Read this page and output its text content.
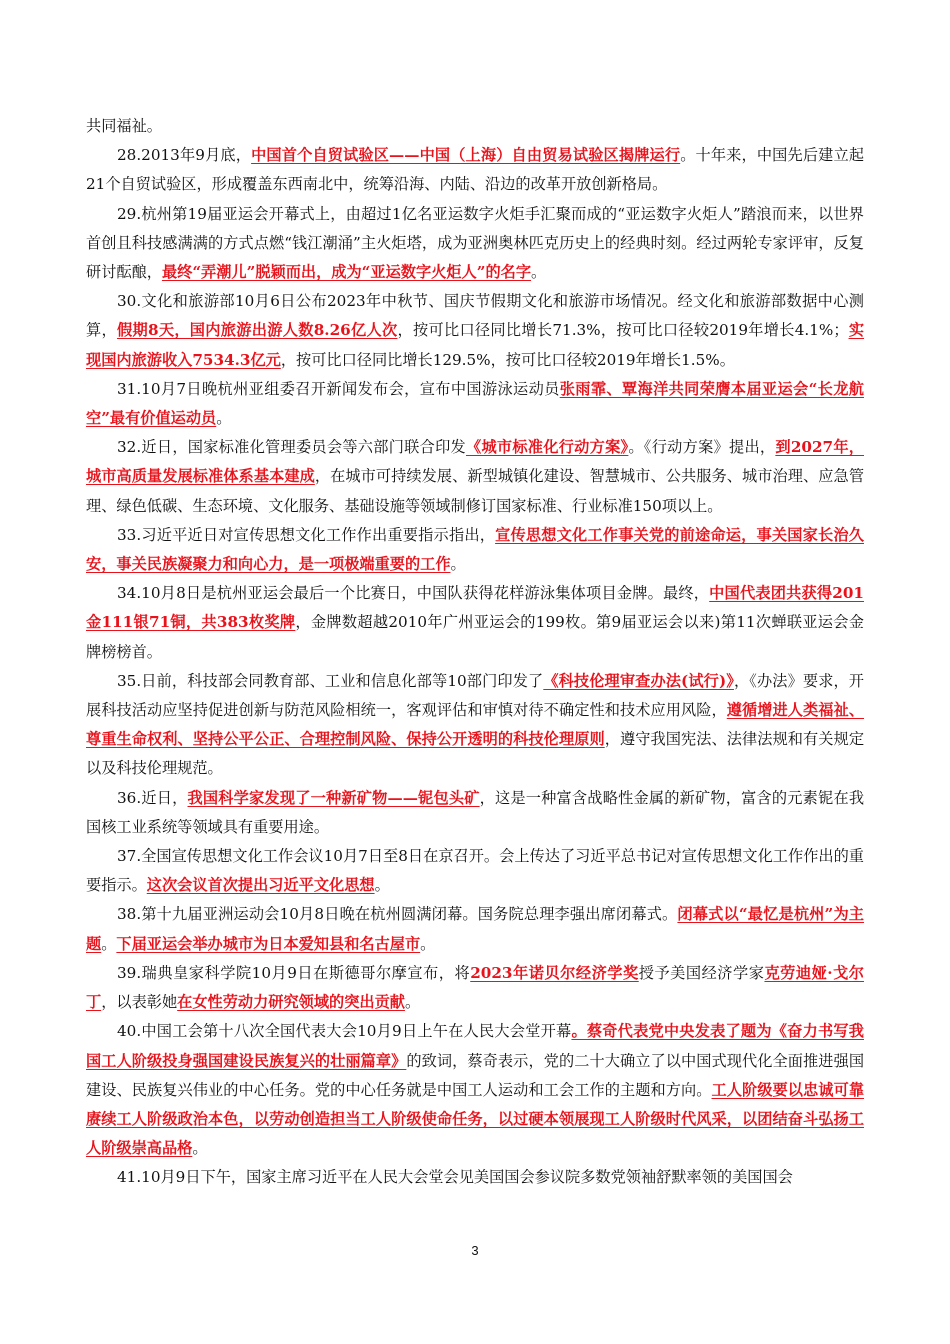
共同福祉。

28.2013年9月底，中国首个自贸试验区——中国（上海）自由贸易试验区揭牌运行。十年来，中国先后建立起21个自贸试验区，形成覆盖东西南北中，统筹沿海、内陆、沿边的改革开放创新格局。

29.杭州第19届亚运会开幕式上，由超过1亿名亚运数字火炬手汇聚而成的“亚运数字火炬人”踏浪而来，以世界首创且科技感满满的方式点燃“钱江潮涌”主火炬塔，成为亚洲奥林匹克历史上的经典时刻。经过两轮专家评审，反复研讨酝酿，最终“弄潮儿”脱颖而出，成为“亚运数字火炬人”的名字。

30.文化和旅游部10月6日公布2023年中秋节、国庆节假期文化和旅游市场情况。经文化和旅游部数据中心测算，假期8天，国内旅游出游人数8.26亿人次，按可比口径同比增长71.3%，按可比口径较2019年增长4.1%；实现国内旅游收入7534.3亿元，按可比口径同比增长129.5%，按可比口径较2019年增长1.5%。

31.10月7日晚杭州亚组委召开新闻发布会，宣布中国游泳运动员张雨霏、覃海洋共同荣膺本届亚运会“长龙航空”最有价值运动员。

32.近日，国家标准化管理委员会等六部门联合印发《城市标准化行动方案》。《行动方案》提出，到2027年，城市高质量发展标准体系基本建成，在城市可持续发展、新型城镇化建设、智慧城市、公共服务、城市治理、应急管理、绿色低碳、生态环境、文化服务、基础设施等领域制修订国家标准、行业标准150项以上。

33.习近平近日对宣传思想文化工作作出重要指示指出，宣传思想文化工作事关党的前途命运，事关国家长治久安，事关民族凝聚力和向心力，是一项极端重要的工作。

34.10月8日是杭州亚运会最后一个比赛日，中国队获得花样游泳集体项目金牌。最终，中国代表团共获得201金111银71铜，共383枚奖牌，金牌数超越2010年广州亚运会的199枚。第9届亚运会以来)第11次蝉联亚运会金牌榜榜首。

35.日前，科技部会同教育部、工业和信息化部等10部门印发了《科技伦理审查办法(试行)》，《办法》要求，开展科技活动应坚持促进创新与防范风险相统一，客观评估和审慎对待不确定性和技术应用风险，遵循增进人类福祉、尊重生命权利、坚持公平公正、合理控制风险、保持公开透明的科技伦理原则，遵守我国宪法、法律法规和有关规定以及科技伦理规范。

36.近日，我国科学家发现了一种新矿物——铌包头矿，这是一种富含战略性金属的新矿物，富含的元素铌在我国核工业系统等领域具有重要用途。

37.全国宣传思想文化工作会议10月7日至8日在京召开。会上传达了习近平总书记对宣传思想文化工作作出的重要指示。这次会议首次提出习近平文化思想。

38.第十九届亚洲运动会10月8日晚在杭州圆满闭幕。国务院总理李强出席闭幕式。闭幕式以“最忆是杭州”为主题。下届亚运会举办城市为日本爱知县和名古屋市。

39.瑞典皇家科学院10月9日在斯德哥尔摩宣布，将2023年诺贝尔经济学奖授予美国经济学家克劳迪娅·戈尔丁，以表彰她在女性劳动力研究领域的突出贡献。

40.中国工会第十八次全国代表大会10月9日上午在人民大会堂开幕。蔡奇代表党中央发表了题为《奋力书写我国工人阶级投身强国建设民族复兴的壮丽篇章》的致词，蔡奇表示，党的二十大确立了以中国式现代化全面推进强国建设、民族复兴伟业的中心任务。党的中心任务就是中国工人运动和工会工作的主题和方向。工人阶级要以忠诚可靠赓续工人阶级政治本色，以劳动创造担当工人阶级使命任务，以过硬本领展现工人阶级时代风采，以团结奋斗弘扬工人阶级崇高品格。

41.10月9日下午，国家主席习近平在人民大会堂会见美国国会参议院多数党领袖舒默率领的美国国会

3
